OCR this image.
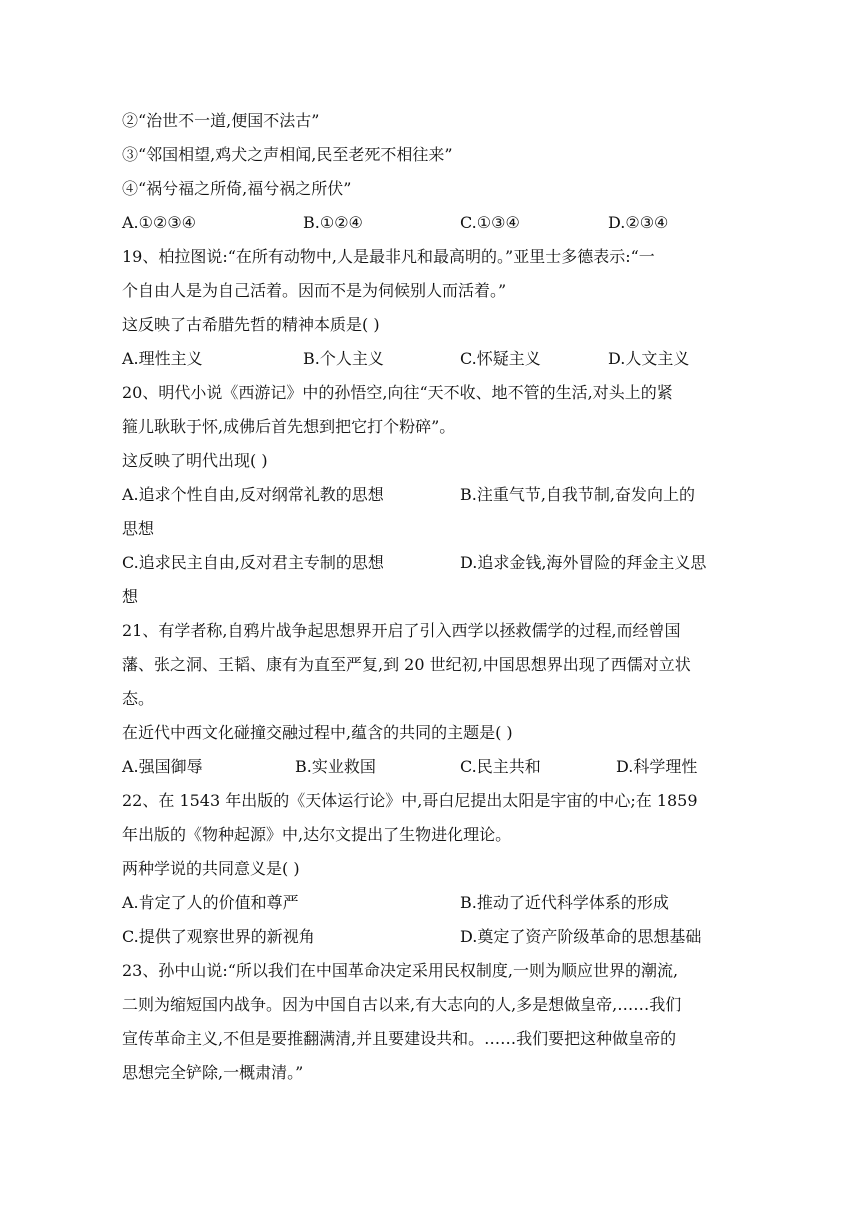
②“治世不一道,便国不法古”
③“邻国相望,鸡犬之声相闻,民至老死不相往来”
④“祸兮福之所倚,福兮祸之所伏”
A.①②③④	B.①②④	C.①③④	D.②③④
19、柏拉图说:“在所有动物中,人是最非凡和最高明的。”亚里士多德表示:“一
个自由人是为自己活着。因而不是为伺候别人而活着。”
这反映了古希腊先哲的精神本质是( )
A.理性主义	B.个人主义	C.怀疑主义	D.人文主义
20、明代小说《西游记》中的孙悟空,向往“天不收、地不管的生活,对头上的紧
箍儿耿耿于怀,成佛后首先想到把它打个粉碎”。
这反映了明代出现( )
A.追求个性自由,反对纲常礼教的思想	B.注重气节,自我节制,奋发向上的
思想
C.追求民主自由,反对君主专制的思想	D.追求金钱,海外冒险的拜金主义思
想
21、有学者称,自鸦片战争起思想界开启了引入西学以拯救儒学的过程,而经曾国
藩、张之洞、王韬、康有为直至严复,到 20 世纪初,中国思想界出现了西儒对立状
态。
在近代中西文化碰撞交融过程中,蕴含的共同的主题是( )
A.强国御辱	B.实业救国	C.民主共和	D.科学理性
22、在 1543 年出版的《天体运行论》中,哥白尼提出太阳是宇宙的中心;在 1859
年出版的《物种起源》中,达尔文提出了生物进化理论。
两种学说的共同意义是( )
A.肯定了人的价值和尊严	B.推动了近代科学体系的形成
C.提供了观察世界的新视角	D.奠定了资产阶级革命的思想基础
23、孙中山说:“所以我们在中国革命决定采用民权制度,一则为顺应世界的潮流,
二则为缩短国内战争。因为中国自古以来,有大志向的人,多是想做皇帝,……我们
宣传革命主义,不但是要推翻满清,并且要建设共和。……我们要把这种做皇帝的
思想完全铲除,一概肃清。”
